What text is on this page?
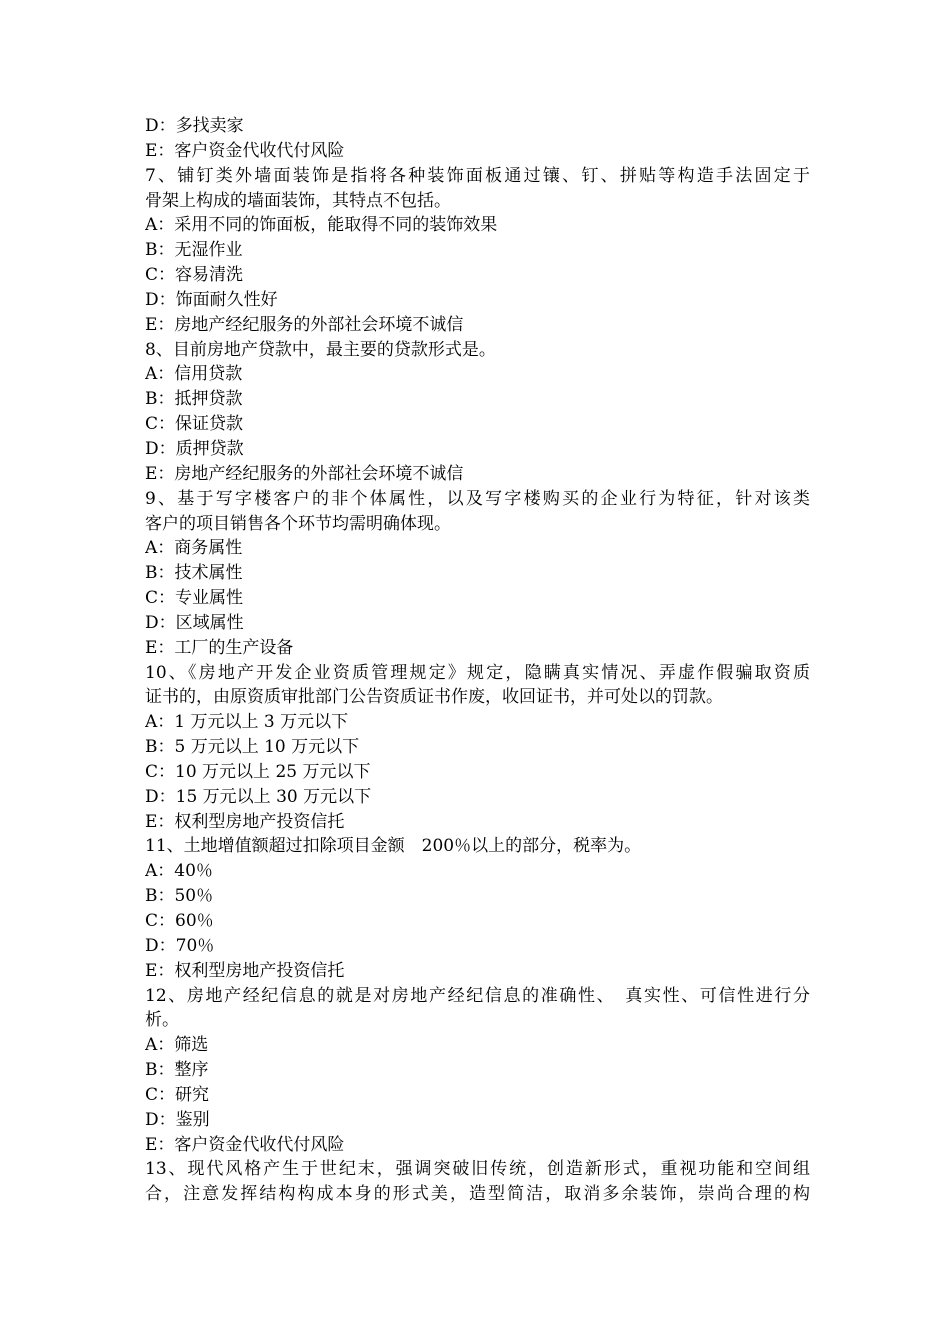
D：多找卖家
E：客户资金代收代付风险
7、铺钉类外墙面装饰是指将各种装饰面板通过镶、钉、拼贴等构造手法固定于
骨架上构成的墙面装饰，其特点不包括。
A：采用不同的饰面板，能取得不同的装饰效果
B：无湿作业
C：容易清洗
D：饰面耐久性好
E：房地产经纪服务的外部社会环境不诚信
8、目前房地产贷款中，最主要的贷款形式是。
A：信用贷款
B：抵押贷款
C：保证贷款
D：质押贷款
E：房地产经纪服务的外部社会环境不诚信
9、基于写字楼客户的非个体属性，以及写字楼购买的企业行为特征，针对该类
客户的项目销售各个环节均需明确体现。
A：商务属性
B：技术属性
C：专业属性
D：区域属性
E：工厂的生产设备
10、《房地产开发企业资质管理规定》规定，隐瞒真实情况、弄虚作假骗取资质
证书的，由原资质审批部门公告资质证书作废，收回证书，并可处以的罚款。
A：1 万元以上 3 万元以下
B：5 万元以上 10 万元以下
C：10 万元以上 25 万元以下
D：15 万元以上 30 万元以下
E：权利型房地产投资信托
11、土地增值额超过扣除项目金额　200％以上的部分，税率为。
A：40％
B：50％
C：60％
D：70％
E：权利型房地产投资信托
12、房地产经纪信息的就是对房地产经纪信息的准确性、　真实性、可信性进行分
析。
A：筛选
B：整序
C：研究
D：鉴别
E：客户资金代收代付风险
13、现代风格产生于世纪末，强调突破旧传统，创造新形式，重视功能和空间组
合，注意发挥结构构成本身的形式美，造型简洁，取消多余装饰，崇尚合理的构
